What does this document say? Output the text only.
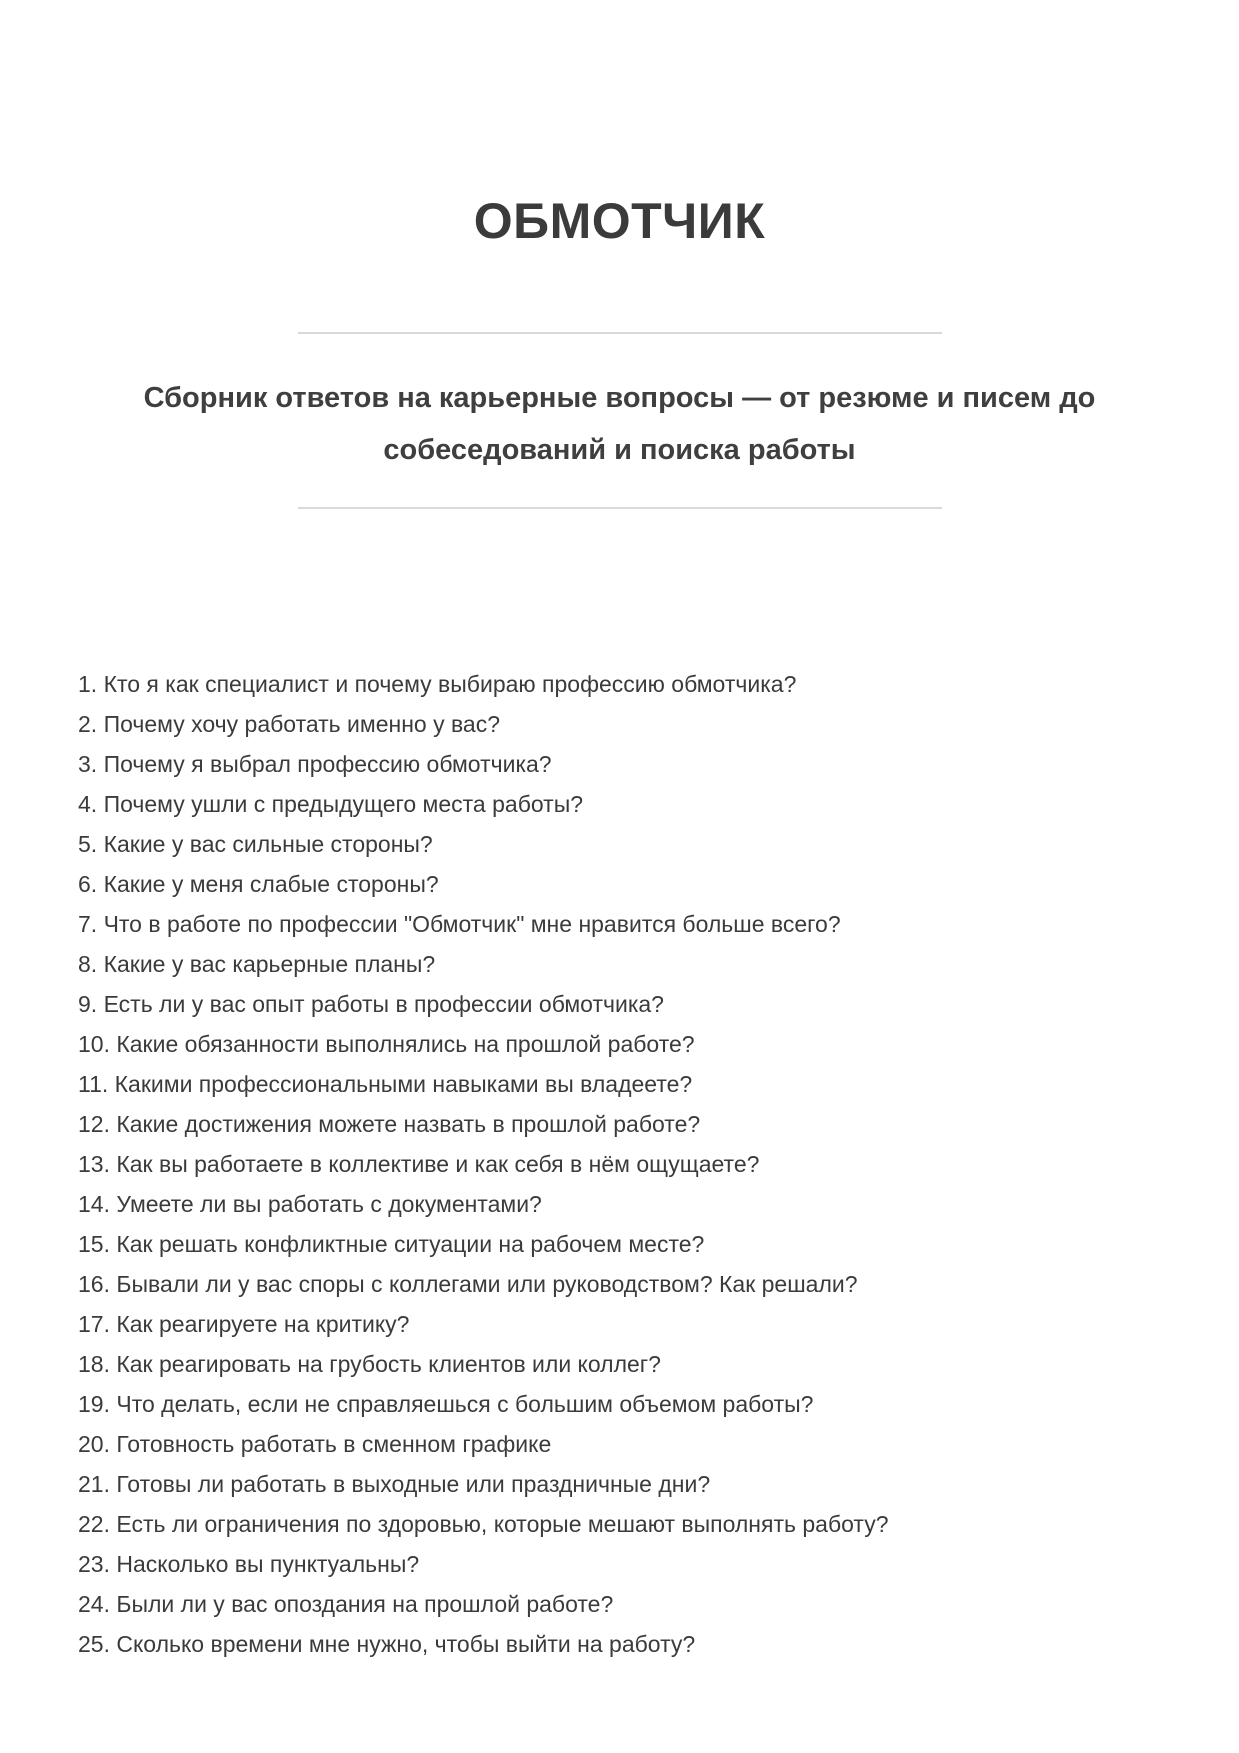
ОБМОТЧИК
Сборник ответов на карьерные вопросы — от резюме и писем до собеседований и поиска работы
1. Кто я как специалист и почему выбираю профессию обмотчика?
2. Почему хочу работать именно у вас?
3. Почему я выбрал профессию обмотчика?
4. Почему ушли с предыдущего места работы?
5. Какие у вас сильные стороны?
6. Какие у меня слабые стороны?
7. Что в работе по профессии "Обмотчик" мне нравится больше всего?
8. Какие у вас карьерные планы?
9. Есть ли у вас опыт работы в профессии обмотчика?
10. Какие обязанности выполнялись на прошлой работе?
11. Какими профессиональными навыками вы владеете?
12. Какие достижения можете назвать в прошлой работе?
13. Как вы работаете в коллективе и как себя в нём ощущаете?
14. Умеете ли вы работать с документами?
15. Как решать конфликтные ситуации на рабочем месте?
16. Бывали ли у вас споры с коллегами или руководством? Как решали?
17. Как реагируете на критику?
18. Как реагировать на грубость клиентов или коллег?
19. Что делать, если не справляешься с большим объемом работы?
20. Готовность работать в сменном графике
21. Готовы ли работать в выходные или праздничные дни?
22. Есть ли ограничения по здоровью, которые мешают выполнять работу?
23. Насколько вы пунктуальны?
24. Были ли у вас опоздания на прошлой работе?
25. Сколько времени мне нужно, чтобы выйти на работу?
